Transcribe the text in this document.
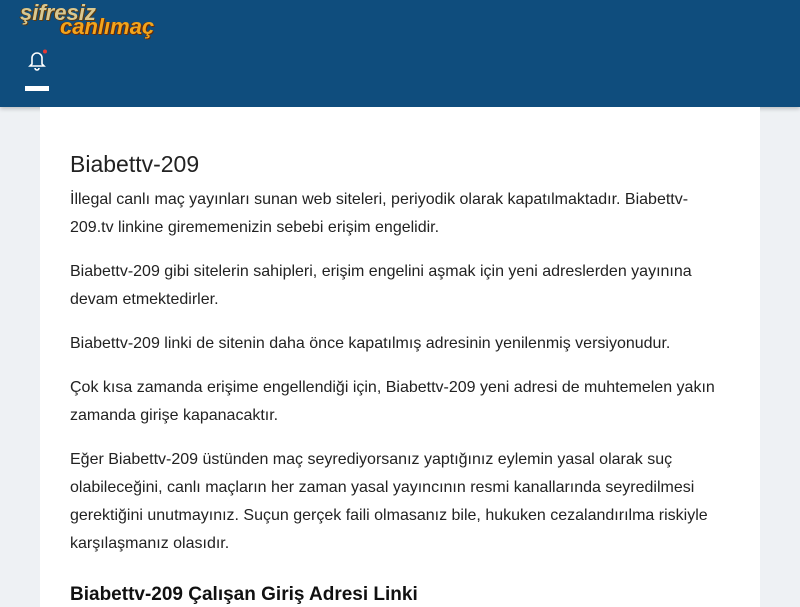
şifresiz
canlımaç
Biabettv-209

İllegal canlı maç yayınları sunan web siteleri, periyodik olarak kapatılmaktadır. Biabettv-209.tv linkine girememenizin sebebi erişim engelidir.

Biabettv-209 gibi sitelerin sahipleri, erişim engelini aşmak için yeni adreslerden yayınına devam etmektedirler.

Biabettv-209 linki de sitenin daha önce kapatılmış adresinin yenilenmiş versiyonudur.

Çok kısa zamanda erişime engellendiği için, Biabettv-209 yeni adresi de muhtemelen yakın zamanda girişe kapanacaktır.

Eğer Biabettv-209 üstünden maç seyrediyorsanız yaptığınız eylemin yasal olarak suç olabileceğini, canlı maçların her zaman yasal yayıncının resmi kanallarında seyredilmesi gerektiğini unutmayınız. Suçun gerçek faili olmasanız bile, hukuken cezalandırılma riskiyle karşılaşmanız olasıdır.

Biabettv-209 Çalışan Giriş Adresi Linki
